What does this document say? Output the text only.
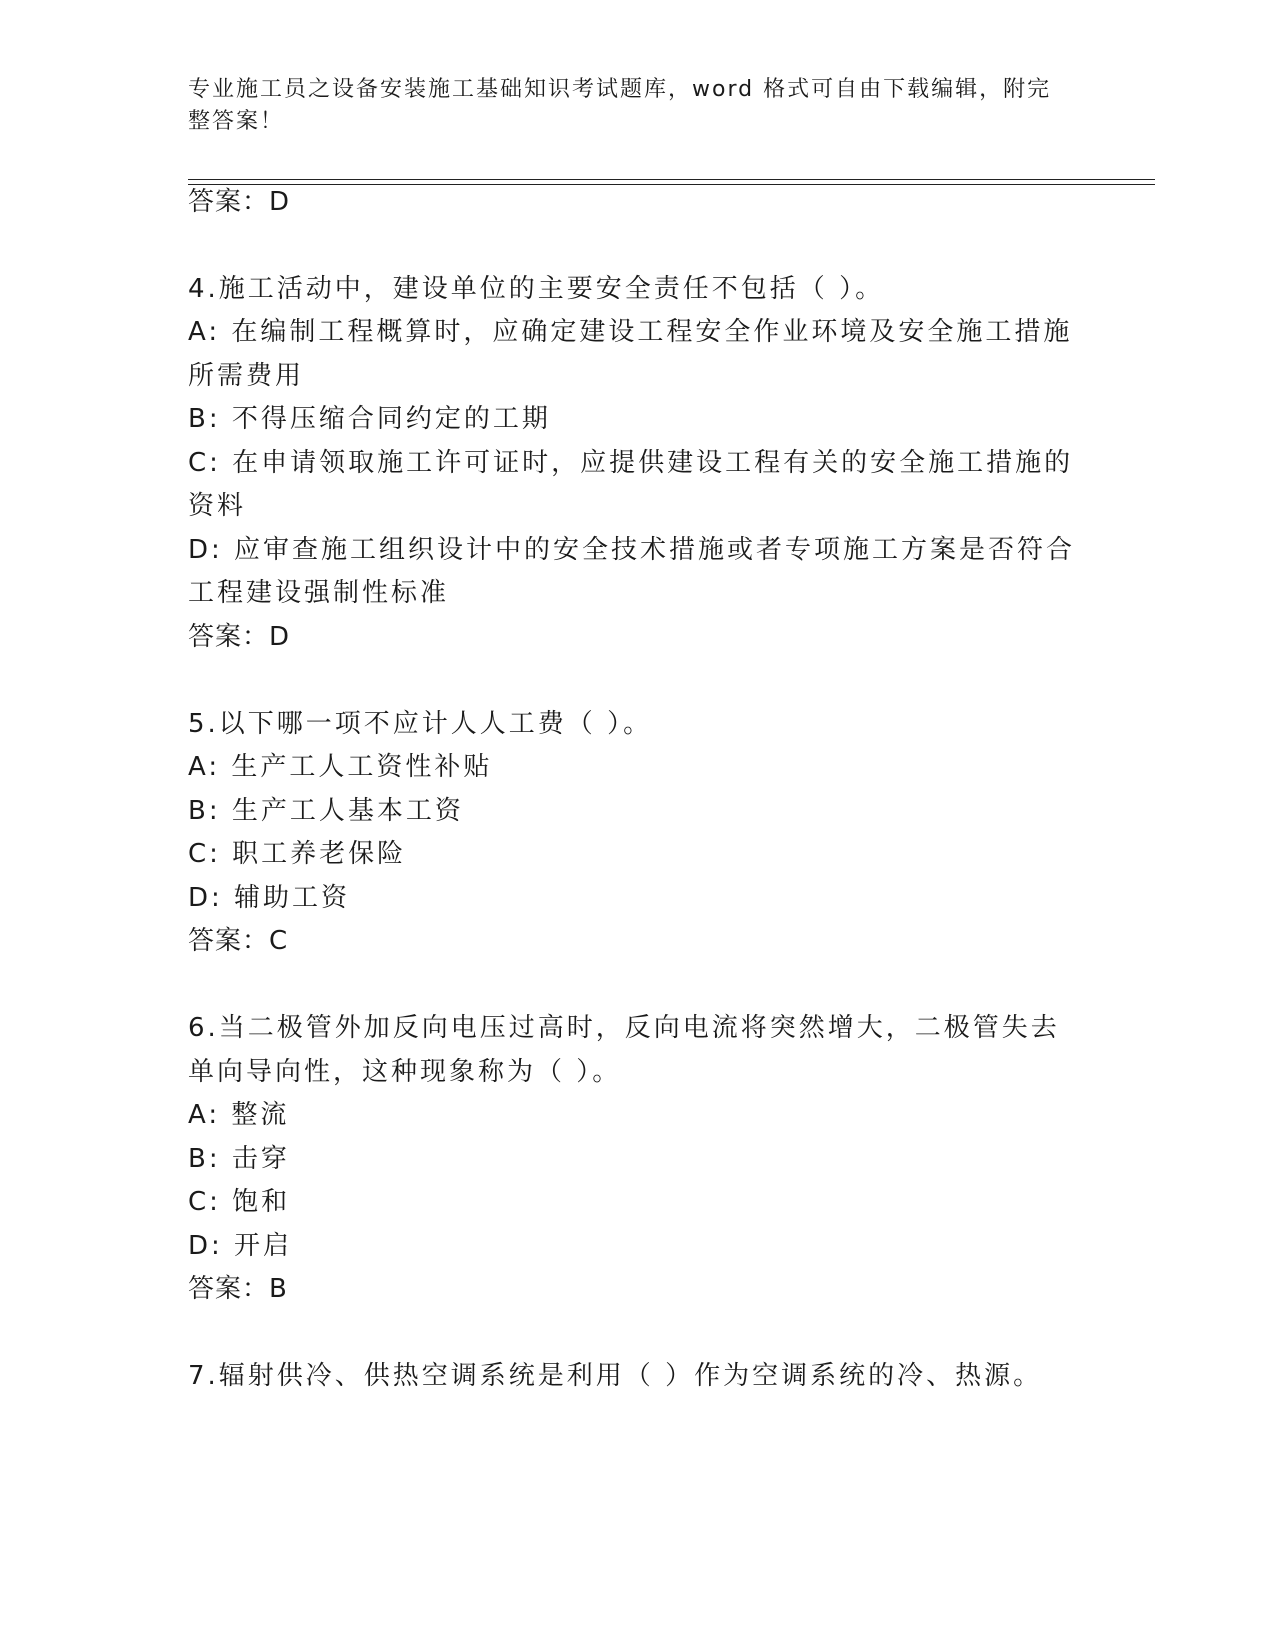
专业施工员之设备安装施工基础知识考试题库，word 格式可自由下载编辑，附完
整答案！
答案：D
4.施工活动中，建设单位的主要安全责任不包括（ ）。
A: 在编制工程概算时，应确定建设工程安全作业环境及安全施工措施
所需费用
B: 不得压缩合同约定的工期
C: 在申请领取施工许可证时，应提供建设工程有关的安全施工措施的
资料
D: 应审查施工组织设计中的安全技术措施或者专项施工方案是否符合
工程建设强制性标准
答案：D
5.以下哪一项不应计人人工费（ ）。
A: 生产工人工资性补贴
B: 生产工人基本工资
C: 职工养老保险
D: 辅助工资
答案：C
6.当二极管外加反向电压过高时，反向电流将突然增大，二极管失去
单向导向性，这种现象称为（ ）。
A: 整流
B: 击穿
C: 饱和
D: 开启
答案：B
7.辐射供冷、供热空调系统是利用（ ）作为空调系统的冷、热源。
